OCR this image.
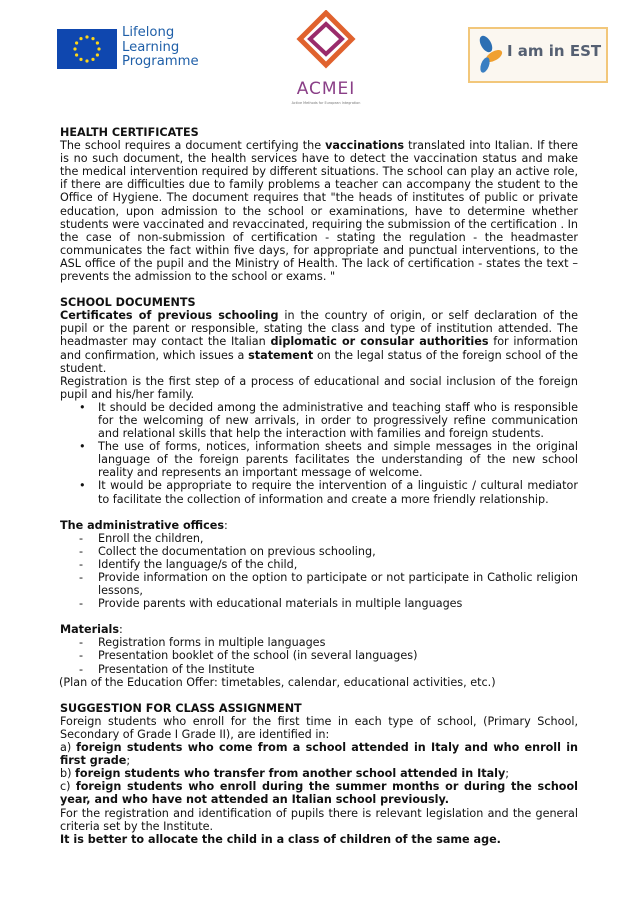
Lifelong
Learning
Programme
ACMEI
Active Methods for European Integration
I am in EST
HEALTH CERTIFICATES

The school requires a document certifying the vaccinations translated into Italian. If there is no such document, the health services have to detect the vaccination status and make the medical intervention required by different situations. The school can play an active role, if there are difficulties due to family problems a teacher can accompany the student to the Office of Hygiene. The document requires that "the heads of institutes of public or private education, upon admission to the school or examinations, have to determine whether students were vaccinated and revaccinated, requiring the submission of the certification . In the case of non-submission of certification - stating the regulation - the headmaster communicates the fact within five days, for appropriate and punctual interventions, to the ASL office of the pupil and the Ministry of Health. The lack of certification - states the text – prevents the admission to the school or exams. "

SCHOOL DOCUMENTS

Certificates of previous schooling in the country of origin, or self declaration of the pupil or the parent or responsible, stating the class and type of institution attended. The headmaster may contact the Italian diplomatic or consular authorities for information and confirmation, which issues a statement on the legal status of the foreign school of the student.

Registration is the first step of a process of educational and social inclusion of the foreign pupil and his/her family.

• It should be decided among the administrative and teaching staff who is responsible for the welcoming of new arrivals, in order to progressively refine communication and relational skills that help the interaction with families and foreign students.
• The use of forms, notices, information sheets and simple messages in the original language of the foreign parents facilitates the understanding of the new school reality and represents an important message of welcome.
• It would be appropriate to require the intervention of a linguistic / cultural mediator to facilitate the collection of information and create a more friendly relationship.
The administrative offices:
- Enroll the children,
- Collect the documentation on previous schooling,
- Identify the language/s of the child,
- Provide information on the option to participate or not participate in Catholic religion lessons,
- Provide parents with educational materials in multiple languages
Materials:
- Registration forms in multiple languages
- Presentation booklet of the school (in several languages)
- Presentation of the Institute

(Plan of the Education Offer: timetables, calendar, educational activities, etc.)

SUGGESTION FOR CLASS ASSIGNMENT

Foreign students who enroll for the first time in each type of school, (Primary School, Secondary of Grade I Grade II), are identified in:

a) foreign students who come from a school attended in Italy and who enroll in first grade;

b) foreign students who transfer from another school attended in Italy;

c) foreign students who enroll during the summer months or during the school year, and who have not attended an Italian school previously.

For the registration and identification of pupils there is relevant legislation and the general criteria set by the Institute.

It is better to allocate the child in a class of children of the same age.
